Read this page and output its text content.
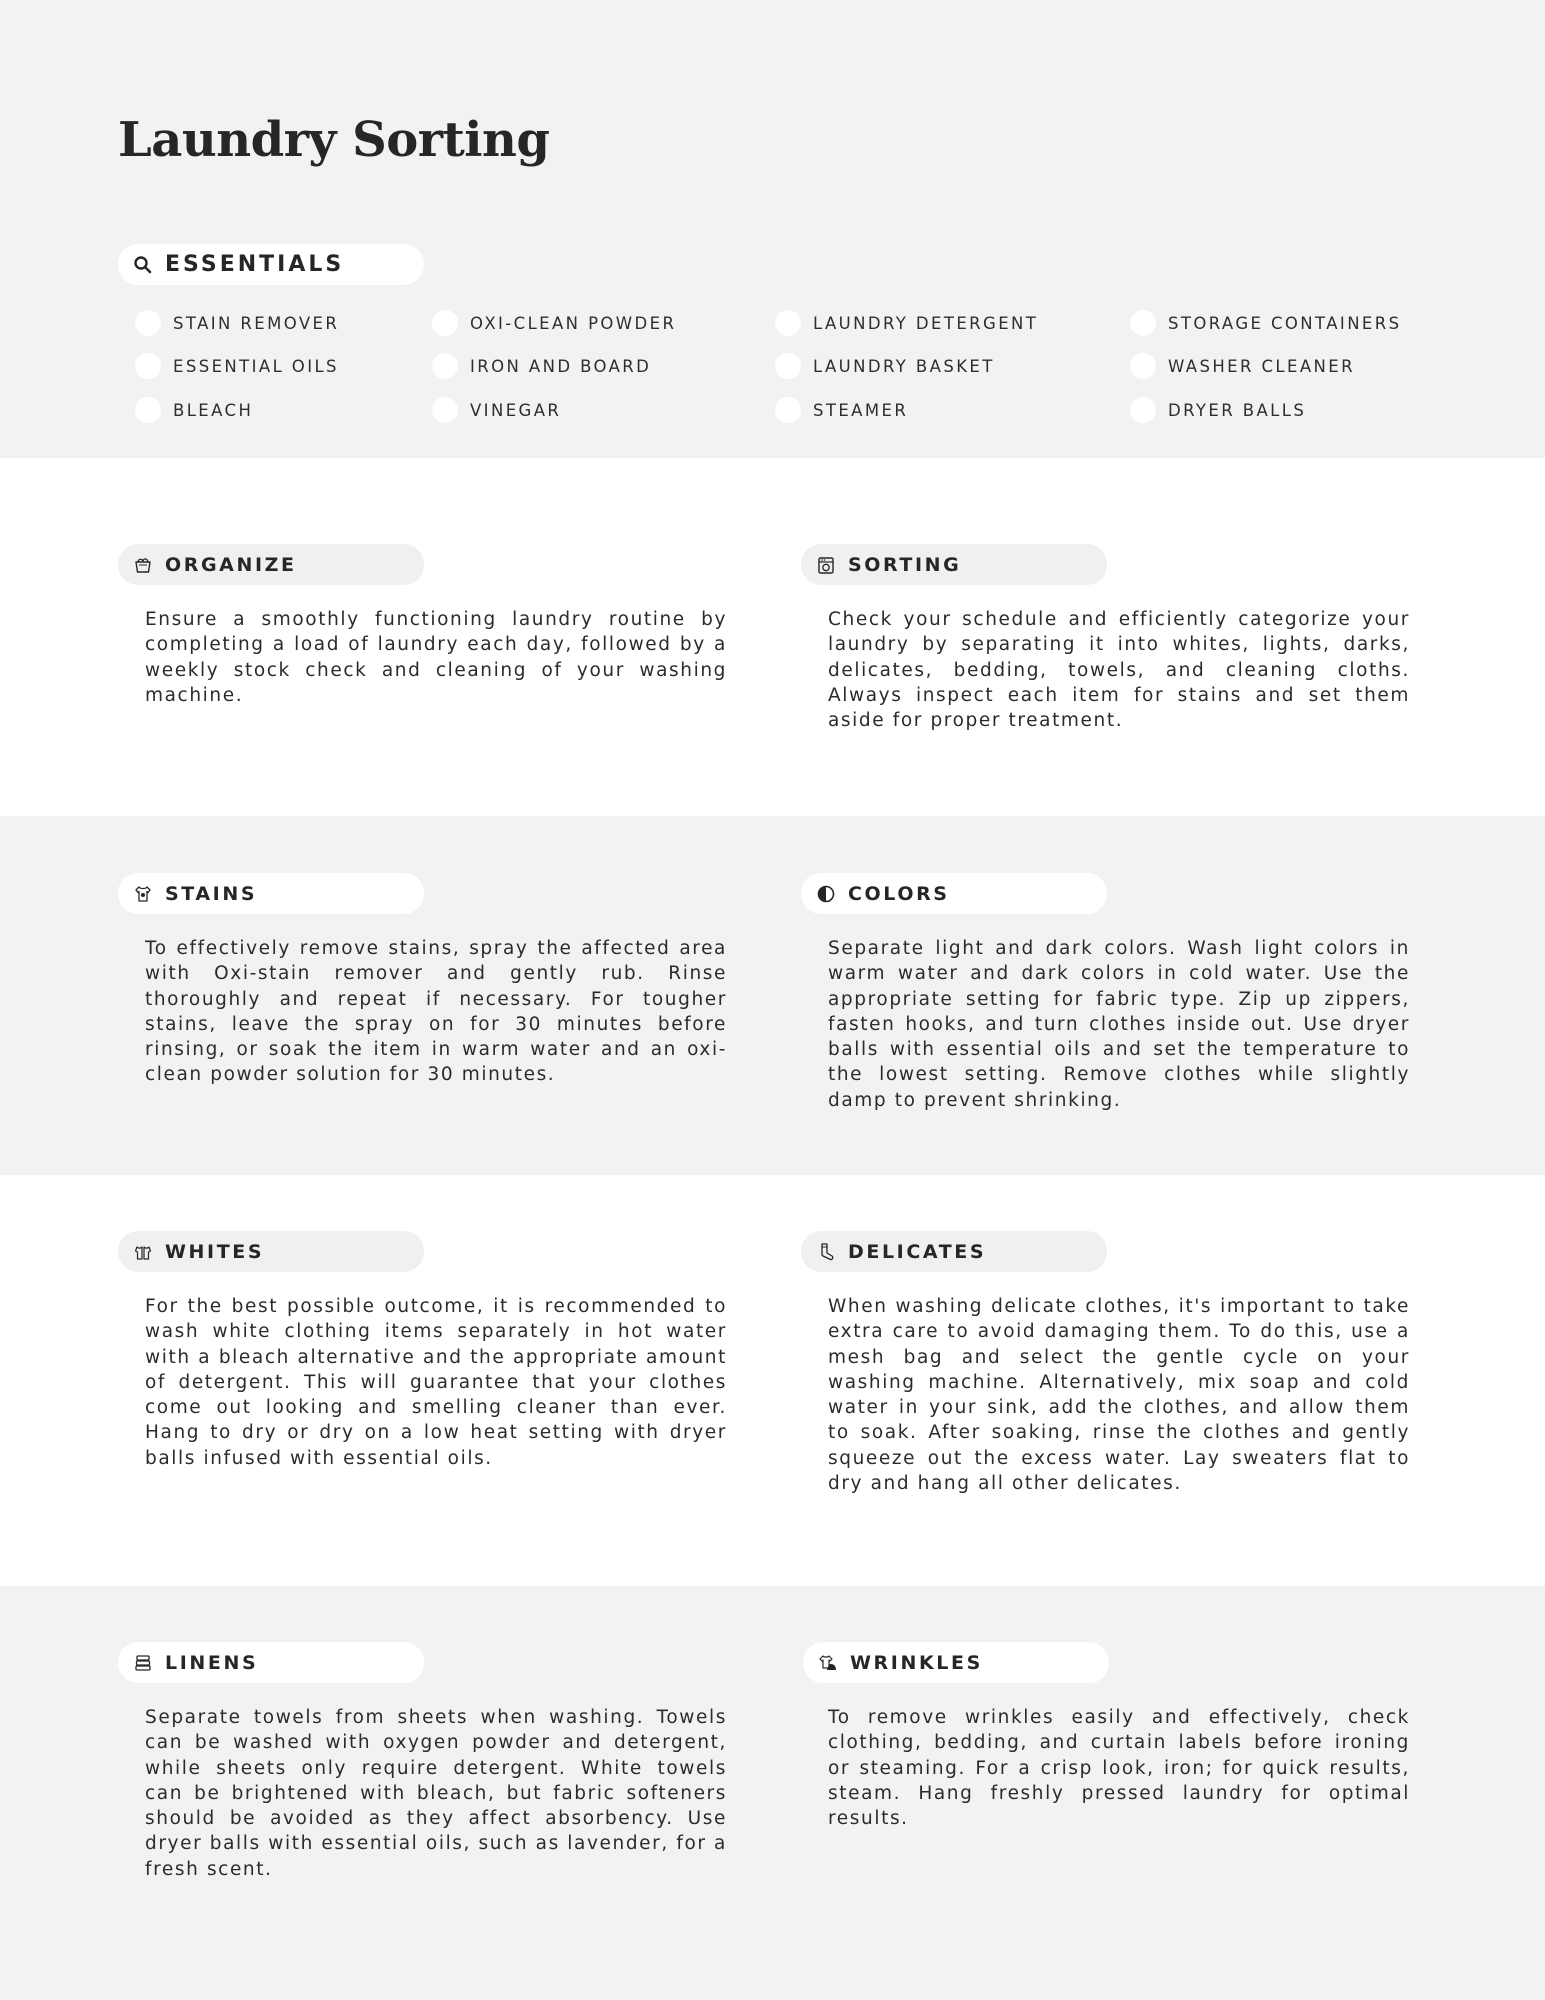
Laundry Sorting
ESSENTIALS
STAIN REMOVER
ESSENTIAL OILS
BLEACH
OXI-CLEAN POWDER
IRON AND BOARD
VINEGAR
LAUNDRY DETERGENT
LAUNDRY BASKET
STEAMER
STORAGE CONTAINERS
WASHER CLEANER
DRYER BALLS
ORGANIZE

Ensure a smoothly functioning laundry routine by completing a load of laundry each day, followed by a weekly stock check and cleaning of your washing machine.

SORTING

Check your schedule and efficiently categorize your laundry by separating it into whites, lights, darks, delicates, bedding, towels, and cleaning cloths. Always inspect each item for stains and set them aside for proper treatment.

STAINS

To effectively remove stains, spray the affected area with Oxi-stain remover and gently rub. Rinse thoroughly and repeat if necessary. For tougher stains, leave the spray on for 30 minutes before rinsing, or soak the item in warm water and an oxi-clean powder solution for 30 minutes.

COLORS

Separate light and dark colors. Wash light colors in warm water and dark colors in cold water. Use the appropriate setting for fabric type. Zip up zippers, fasten hooks, and turn clothes inside out. Use dryer balls with essential oils and set the temperature to the lowest setting. Remove clothes while slightly damp to prevent shrinking.

WHITES

For the best possible outcome, it is recommended to wash white clothing items separately in hot water with a bleach alternative and the appropriate amount of detergent. This will guarantee that your clothes come out looking and smelling cleaner than ever. Hang to dry or dry on a low heat setting with dryer balls infused with essential oils.

DELICATES

When washing delicate clothes, it's important to take extra care to avoid damaging them. To do this, use a mesh bag and select the gentle cycle on your washing machine. Alternatively, mix soap and cold water in your sink, add the clothes, and allow them to soak. After soaking, rinse the clothes and gently squeeze out the excess water. Lay sweaters flat to dry and hang all other delicates.

LINENS

Separate towels from sheets when washing. Towels can be washed with oxygen powder and detergent, while sheets only require detergent. White towels can be brightened with bleach, but fabric softeners should be avoided as they affect absorbency. Use dryer balls with essential oils, such as lavender, for a fresh scent.

WRINKLES

To remove wrinkles easily and effectively, check clothing, bedding, and curtain labels before ironing or steaming. For a crisp look, iron; for quick results, steam. Hang freshly pressed laundry for optimal results.
